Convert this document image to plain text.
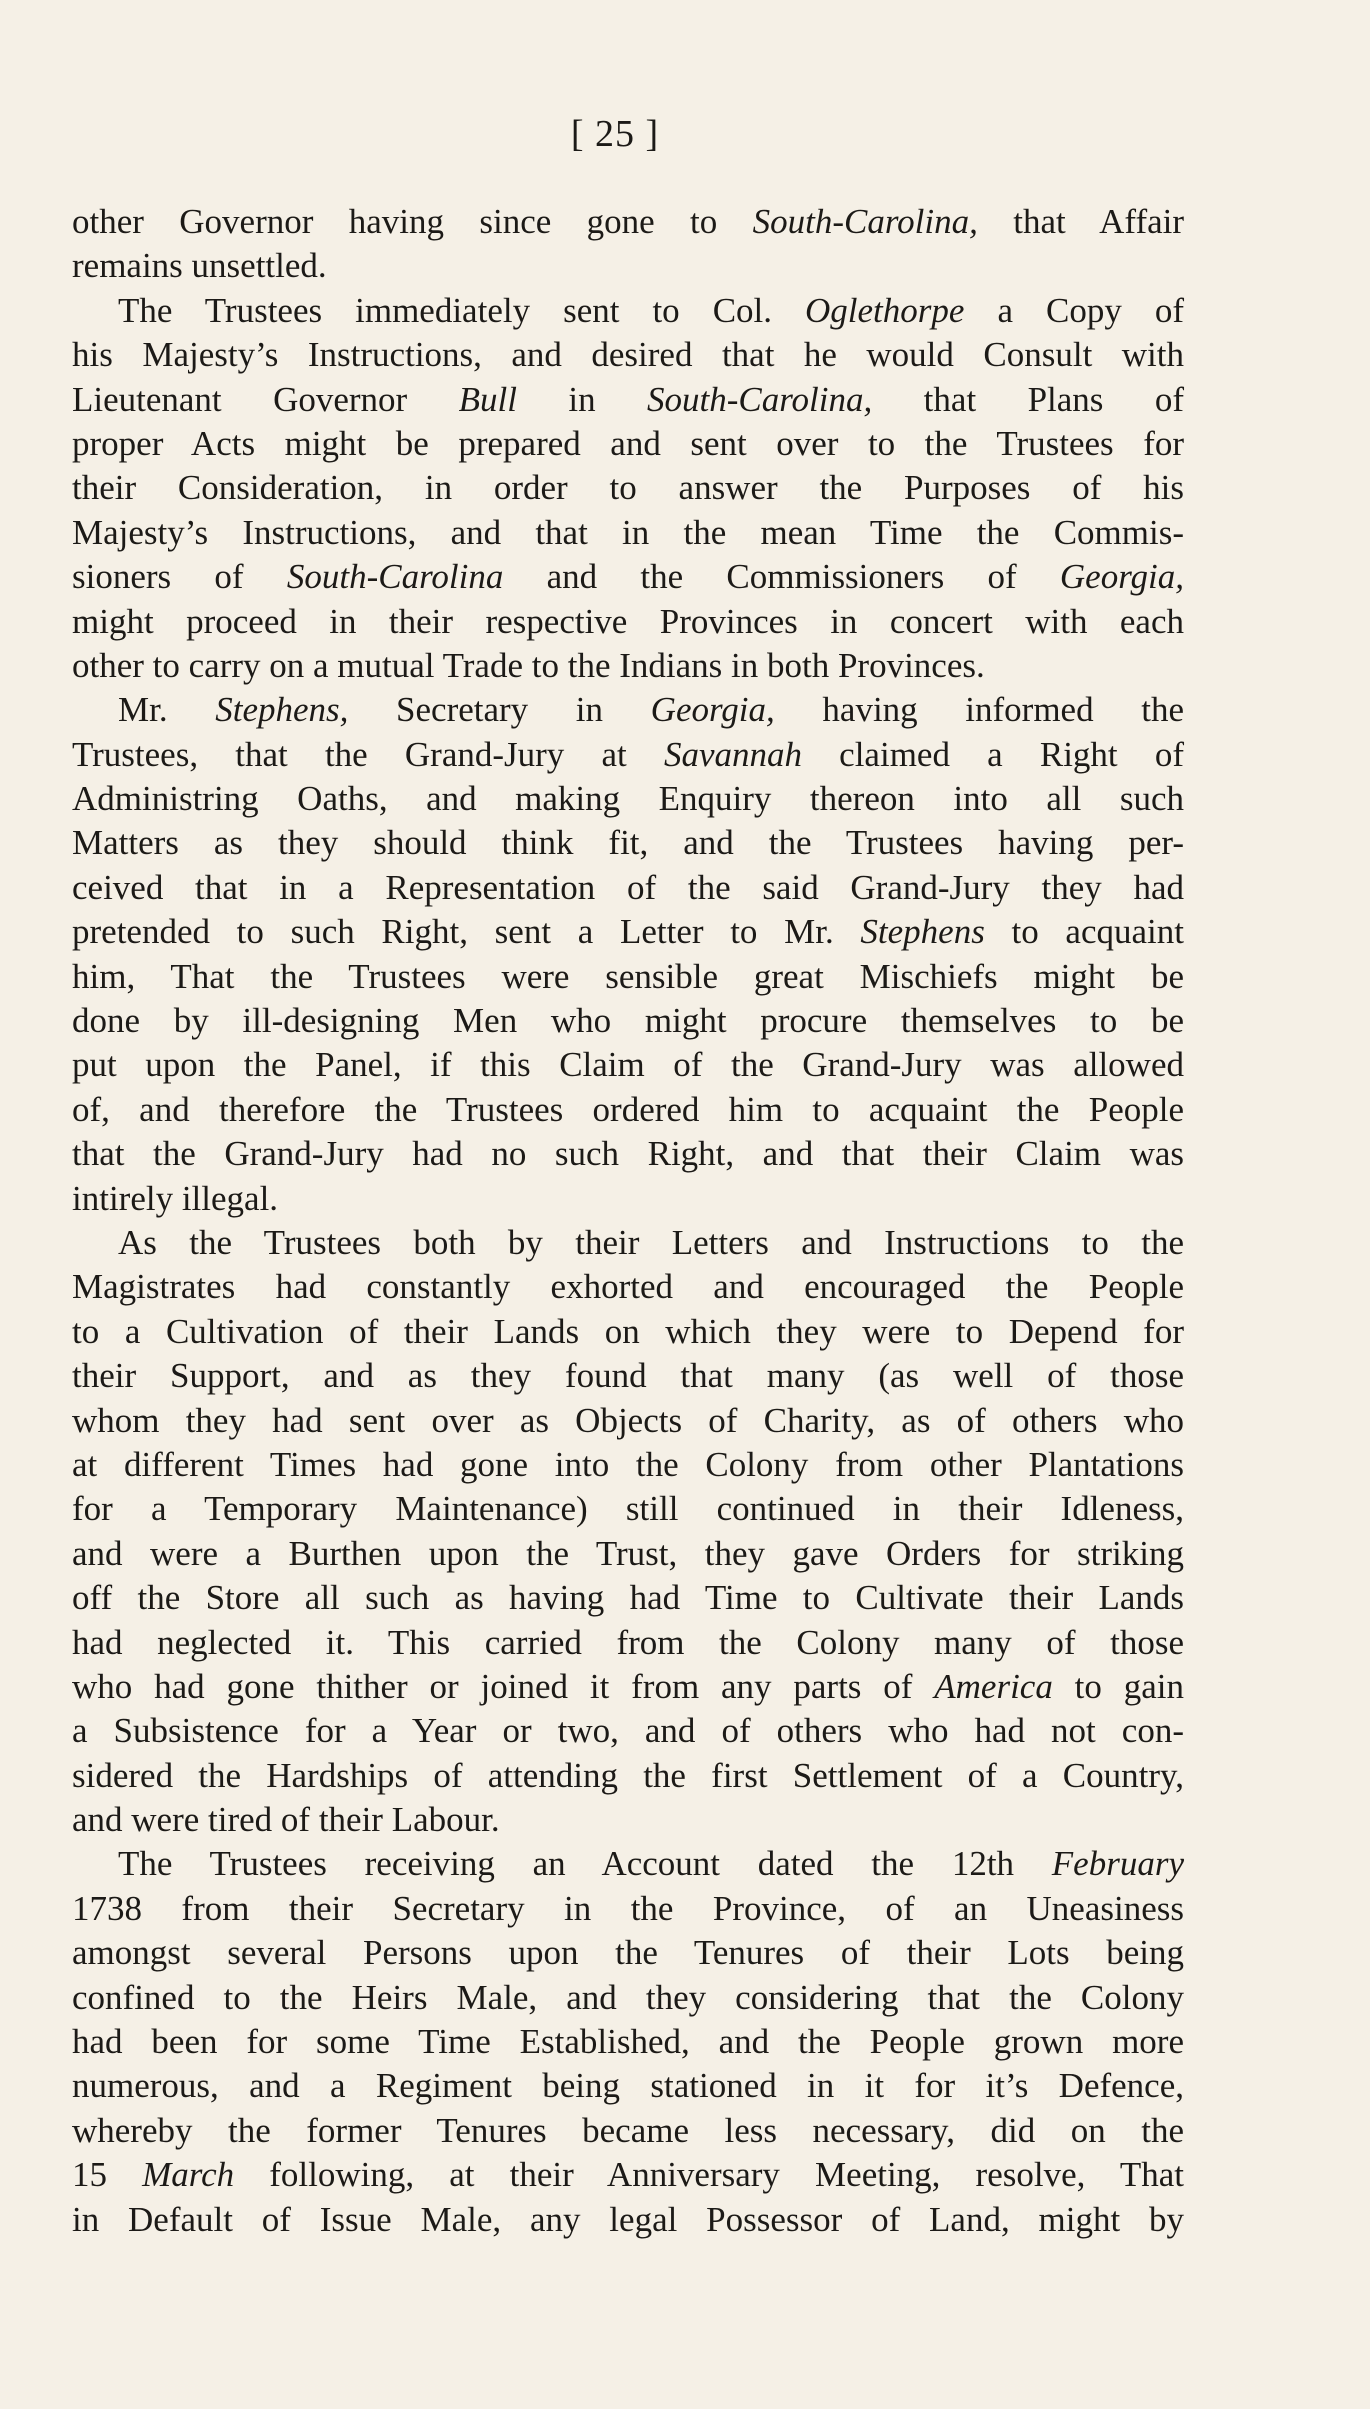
[ 25 ]
other Governor having since gone to South-Carolina, that Affair
remains unsettled.
The Trustees immediately sent to Col. Oglethorpe a Copy of
his Majesty’s Instructions, and desired that he would Consult with
Lieutenant Governor Bull in South-Carolina, that Plans of
proper Acts might be prepared and sent over to the Trustees for
their Consideration, in order to answer the Purposes of his
Majesty’s Instructions, and that in the mean Time the Commis-
sioners of South-Carolina and the Commissioners of Georgia,
might proceed in their respective Provinces in concert with each
other to carry on a mutual Trade to the Indians in both Provinces.
Mr. Stephens, Secretary in Georgia, having informed the
Trustees, that the Grand-Jury at Savannah claimed a Right of
Administring Oaths, and making Enquiry thereon into all such
Matters as they should think fit, and the Trustees having per-
ceived that in a Representation of the said Grand-Jury they had
pretended to such Right, sent a Letter to Mr. Stephens to acquaint
him, That the Trustees were sensible great Mischiefs might be
done by ill-designing Men who might procure themselves to be
put upon the Panel, if this Claim of the Grand-Jury was allowed
of, and therefore the Trustees ordered him to acquaint the People
that the Grand-Jury had no such Right, and that their Claim was
intirely illegal.
As the Trustees both by their Letters and Instructions to the
Magistrates had constantly exhorted and encouraged the People
to a Cultivation of their Lands on which they were to Depend for
their Support, and as they found that many (as well of those
whom they had sent over as Objects of Charity, as of others who
at different Times had gone into the Colony from other Plantations
for a Temporary Maintenance) still continued in their Idleness,
and were a Burthen upon the Trust, they gave Orders for striking
off the Store all such as having had Time to Cultivate their Lands
had neglected it. This carried from the Colony many of those
who had gone thither or joined it from any parts of America to gain
a Subsistence for a Year or two, and of others who had not con-
sidered the Hardships of attending the first Settlement of a Country,
and were tired of their Labour.
The Trustees receiving an Account dated the 12th February
1738 from their Secretary in the Province, of an Uneasiness
amongst several Persons upon the Tenures of their Lots being
confined to the Heirs Male, and they considering that the Colony
had been for some Time Established, and the People grown more
numerous, and a Regiment being stationed in it for it’s Defence,
whereby the former Tenures became less necessary, did on the
15 March following, at their Anniversary Meeting, resolve, That
in Default of Issue Male, any legal Possessor of Land, might by
